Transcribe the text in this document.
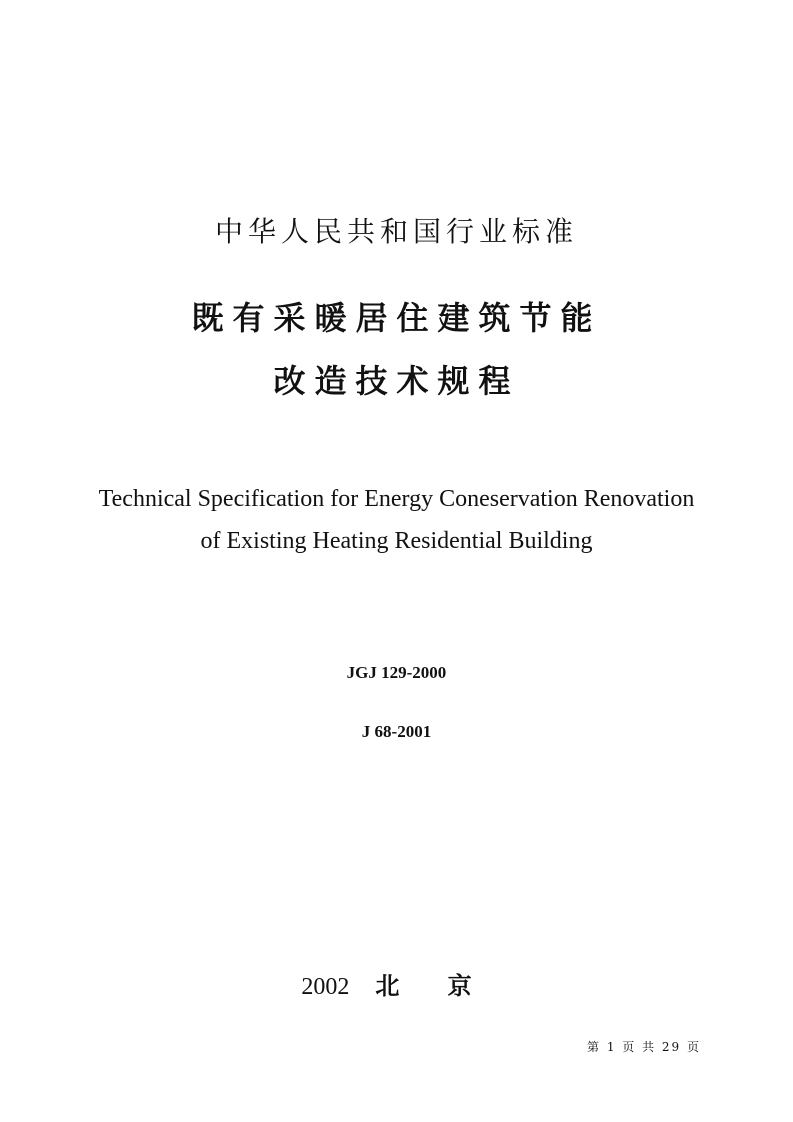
中华人民共和国行业标准
既有采暖居住建筑节能
改造技术规程
Technical Specification for Energy Coneservation Renovation
of Existing Heating Residential Building
JGJ 129-2000
J 68-2001
2002 北 京
第 1 页 共 29 页
